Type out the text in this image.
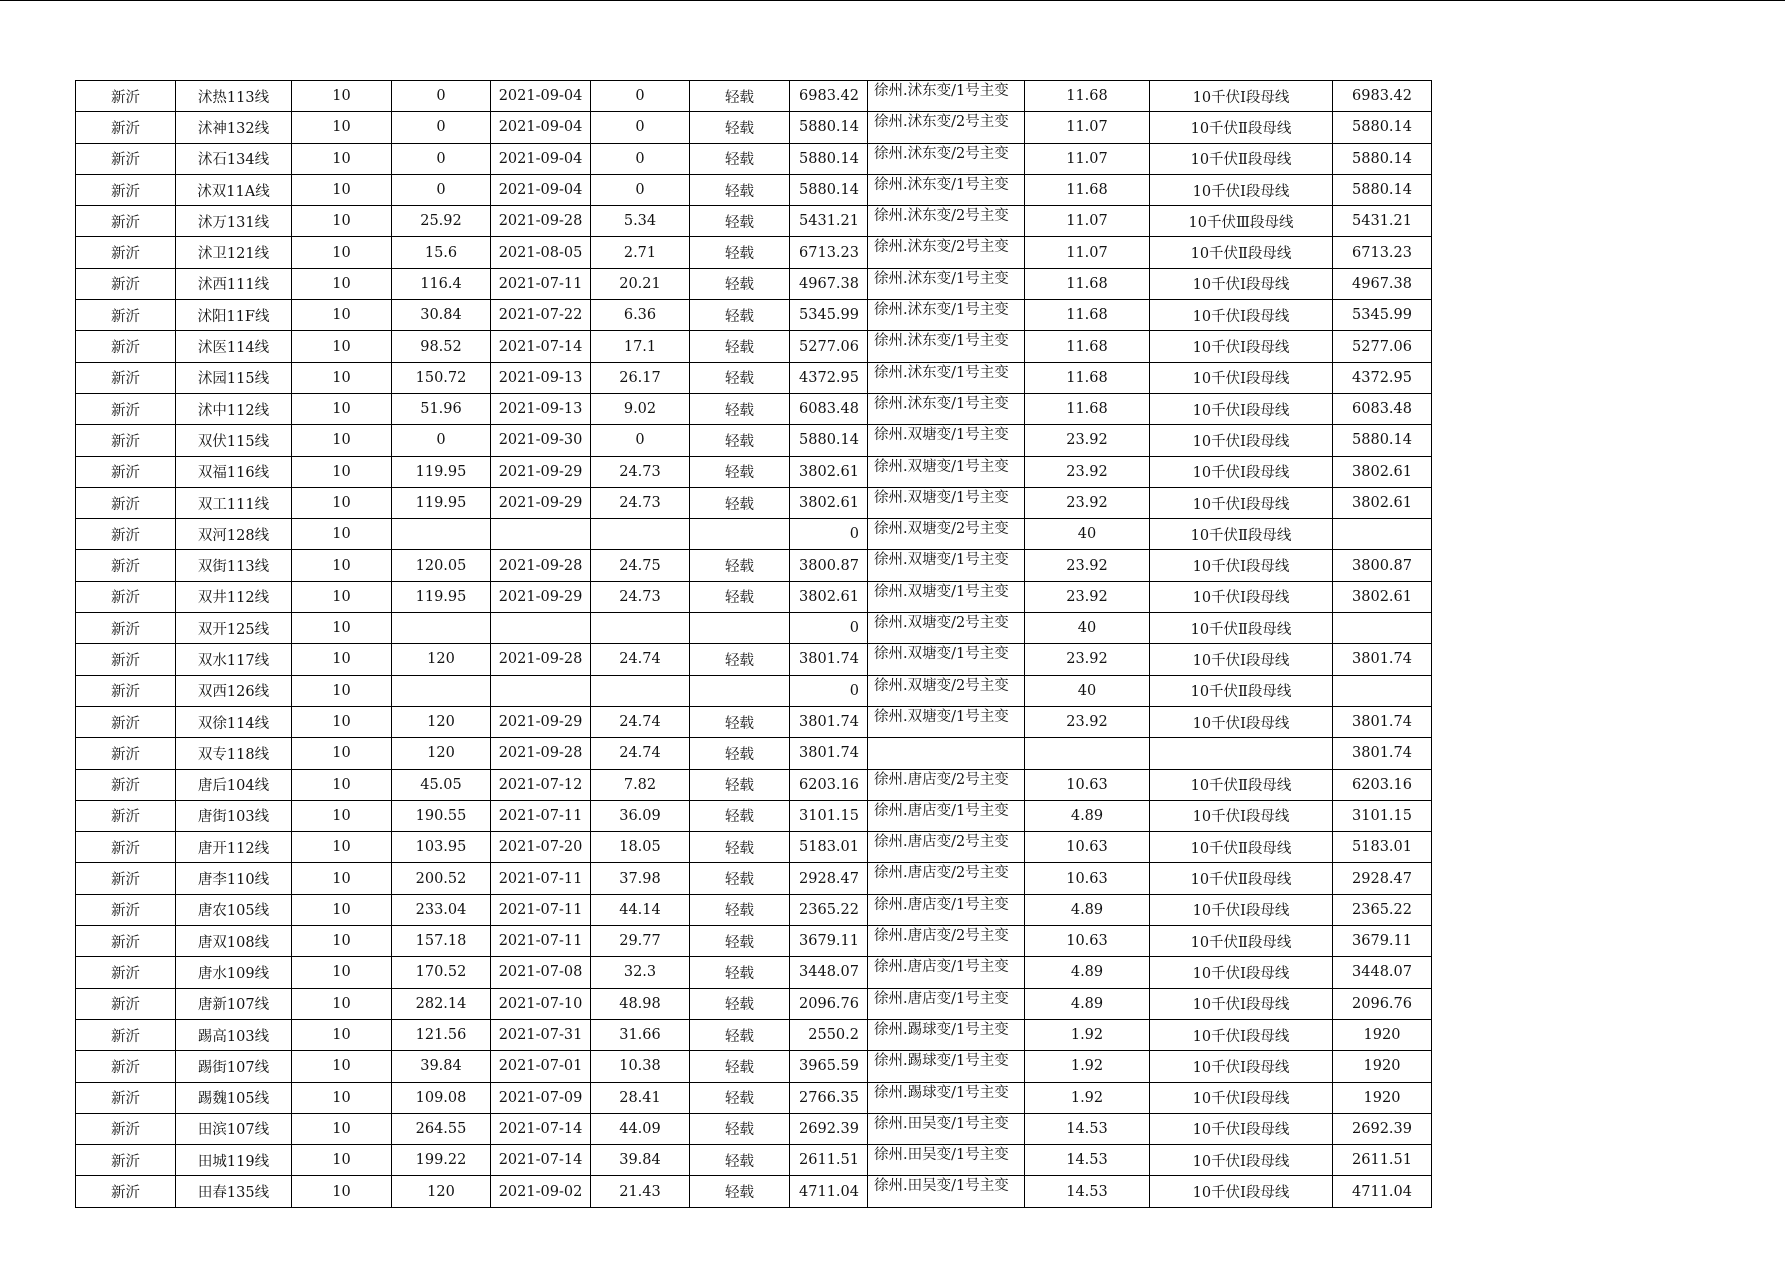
新沂	沭热113线	10	0	2021-09-04	0	轻载	6983.42	徐州.沭东变/1号主变	11.68	10千伏Ⅰ段母线	6983.42
新沂	沭神132线	10	0	2021-09-04	0	轻载	5880.14	徐州.沭东变/2号主变	11.07	10千伏Ⅱ段母线	5880.14
新沂	沭石134线	10	0	2021-09-04	0	轻载	5880.14	徐州.沭东变/2号主变	11.07	10千伏Ⅱ段母线	5880.14
新沂	沭双11A线	10	0	2021-09-04	0	轻载	5880.14	徐州.沭东变/1号主变	11.68	10千伏Ⅰ段母线	5880.14
新沂	沭万131线	10	25.92	2021-09-28	5.34	轻载	5431.21	徐州.沭东变/2号主变	11.07	10千伏Ⅲ段母线	5431.21
新沂	沭卫121线	10	15.6	2021-08-05	2.71	轻载	6713.23	徐州.沭东变/2号主变	11.07	10千伏Ⅱ段母线	6713.23
新沂	沭西111线	10	116.4	2021-07-11	20.21	轻载	4967.38	徐州.沭东变/1号主变	11.68	10千伏Ⅰ段母线	4967.38
新沂	沭阳11F线	10	30.84	2021-07-22	6.36	轻载	5345.99	徐州.沭东变/1号主变	11.68	10千伏Ⅰ段母线	5345.99
新沂	沭医114线	10	98.52	2021-07-14	17.1	轻载	5277.06	徐州.沭东变/1号主变	11.68	10千伏Ⅰ段母线	5277.06
新沂	沭园115线	10	150.72	2021-09-13	26.17	轻载	4372.95	徐州.沭东变/1号主变	11.68	10千伏Ⅰ段母线	4372.95
新沂	沭中112线	10	51.96	2021-09-13	9.02	轻载	6083.48	徐州.沭东变/1号主变	11.68	10千伏Ⅰ段母线	6083.48
新沂	双伏115线	10	0	2021-09-30	0	轻载	5880.14	徐州.双塘变/1号主变	23.92	10千伏Ⅰ段母线	5880.14
新沂	双福116线	10	119.95	2021-09-29	24.73	轻载	3802.61	徐州.双塘变/1号主变	23.92	10千伏Ⅰ段母线	3802.61
新沂	双工111线	10	119.95	2021-09-29	24.73	轻载	3802.61	徐州.双塘变/1号主变	23.92	10千伏Ⅰ段母线	3802.61
新沂	双河128线	10					0	徐州.双塘变/2号主变	40	10千伏Ⅱ段母线	
新沂	双街113线	10	120.05	2021-09-28	24.75	轻载	3800.87	徐州.双塘变/1号主变	23.92	10千伏Ⅰ段母线	3800.87
新沂	双井112线	10	119.95	2021-09-29	24.73	轻载	3802.61	徐州.双塘变/1号主变	23.92	10千伏Ⅰ段母线	3802.61
新沂	双开125线	10					0	徐州.双塘变/2号主变	40	10千伏Ⅱ段母线	
新沂	双水117线	10	120	2021-09-28	24.74	轻载	3801.74	徐州.双塘变/1号主变	23.92	10千伏Ⅰ段母线	3801.74
新沂	双西126线	10					0	徐州.双塘变/2号主变	40	10千伏Ⅱ段母线	
新沂	双徐114线	10	120	2021-09-29	24.74	轻载	3801.74	徐州.双塘变/1号主变	23.92	10千伏Ⅰ段母线	3801.74
新沂	双专118线	10	120	2021-09-28	24.74	轻载	3801.74				3801.74
新沂	唐后104线	10	45.05	2021-07-12	7.82	轻载	6203.16	徐州.唐店变/2号主变	10.63	10千伏Ⅱ段母线	6203.16
新沂	唐街103线	10	190.55	2021-07-11	36.09	轻载	3101.15	徐州.唐店变/1号主变	4.89	10千伏Ⅰ段母线	3101.15
新沂	唐开112线	10	103.95	2021-07-20	18.05	轻载	5183.01	徐州.唐店变/2号主变	10.63	10千伏Ⅱ段母线	5183.01
新沂	唐李110线	10	200.52	2021-07-11	37.98	轻载	2928.47	徐州.唐店变/2号主变	10.63	10千伏Ⅱ段母线	2928.47
新沂	唐农105线	10	233.04	2021-07-11	44.14	轻载	2365.22	徐州.唐店变/1号主变	4.89	10千伏Ⅰ段母线	2365.22
新沂	唐双108线	10	157.18	2021-07-11	29.77	轻载	3679.11	徐州.唐店变/2号主变	10.63	10千伏Ⅱ段母线	3679.11
新沂	唐水109线	10	170.52	2021-07-08	32.3	轻载	3448.07	徐州.唐店变/1号主变	4.89	10千伏Ⅰ段母线	3448.07
新沂	唐新107线	10	282.14	2021-07-10	48.98	轻载	2096.76	徐州.唐店变/1号主变	4.89	10千伏Ⅰ段母线	2096.76
新沂	踢高103线	10	121.56	2021-07-31	31.66	轻载	2550.2	徐州.踢球变/1号主变	1.92	10千伏Ⅰ段母线	1920
新沂	踢街107线	10	39.84	2021-07-01	10.38	轻载	3965.59	徐州.踢球变/1号主变	1.92	10千伏Ⅰ段母线	1920
新沂	踢魏105线	10	109.08	2021-07-09	28.41	轻载	2766.35	徐州.踢球变/1号主变	1.92	10千伏Ⅰ段母线	1920
新沂	田滨107线	10	264.55	2021-07-14	44.09	轻载	2692.39	徐州.田吴变/1号主变	14.53	10千伏Ⅰ段母线	2692.39
新沂	田城119线	10	199.22	2021-07-14	39.84	轻载	2611.51	徐州.田吴变/1号主变	14.53	10千伏Ⅰ段母线	2611.51
新沂	田春135线	10	120	2021-09-02	21.43	轻载	4711.04	徐州.田吴变/1号主变	14.53	10千伏Ⅰ段母线	4711.04
